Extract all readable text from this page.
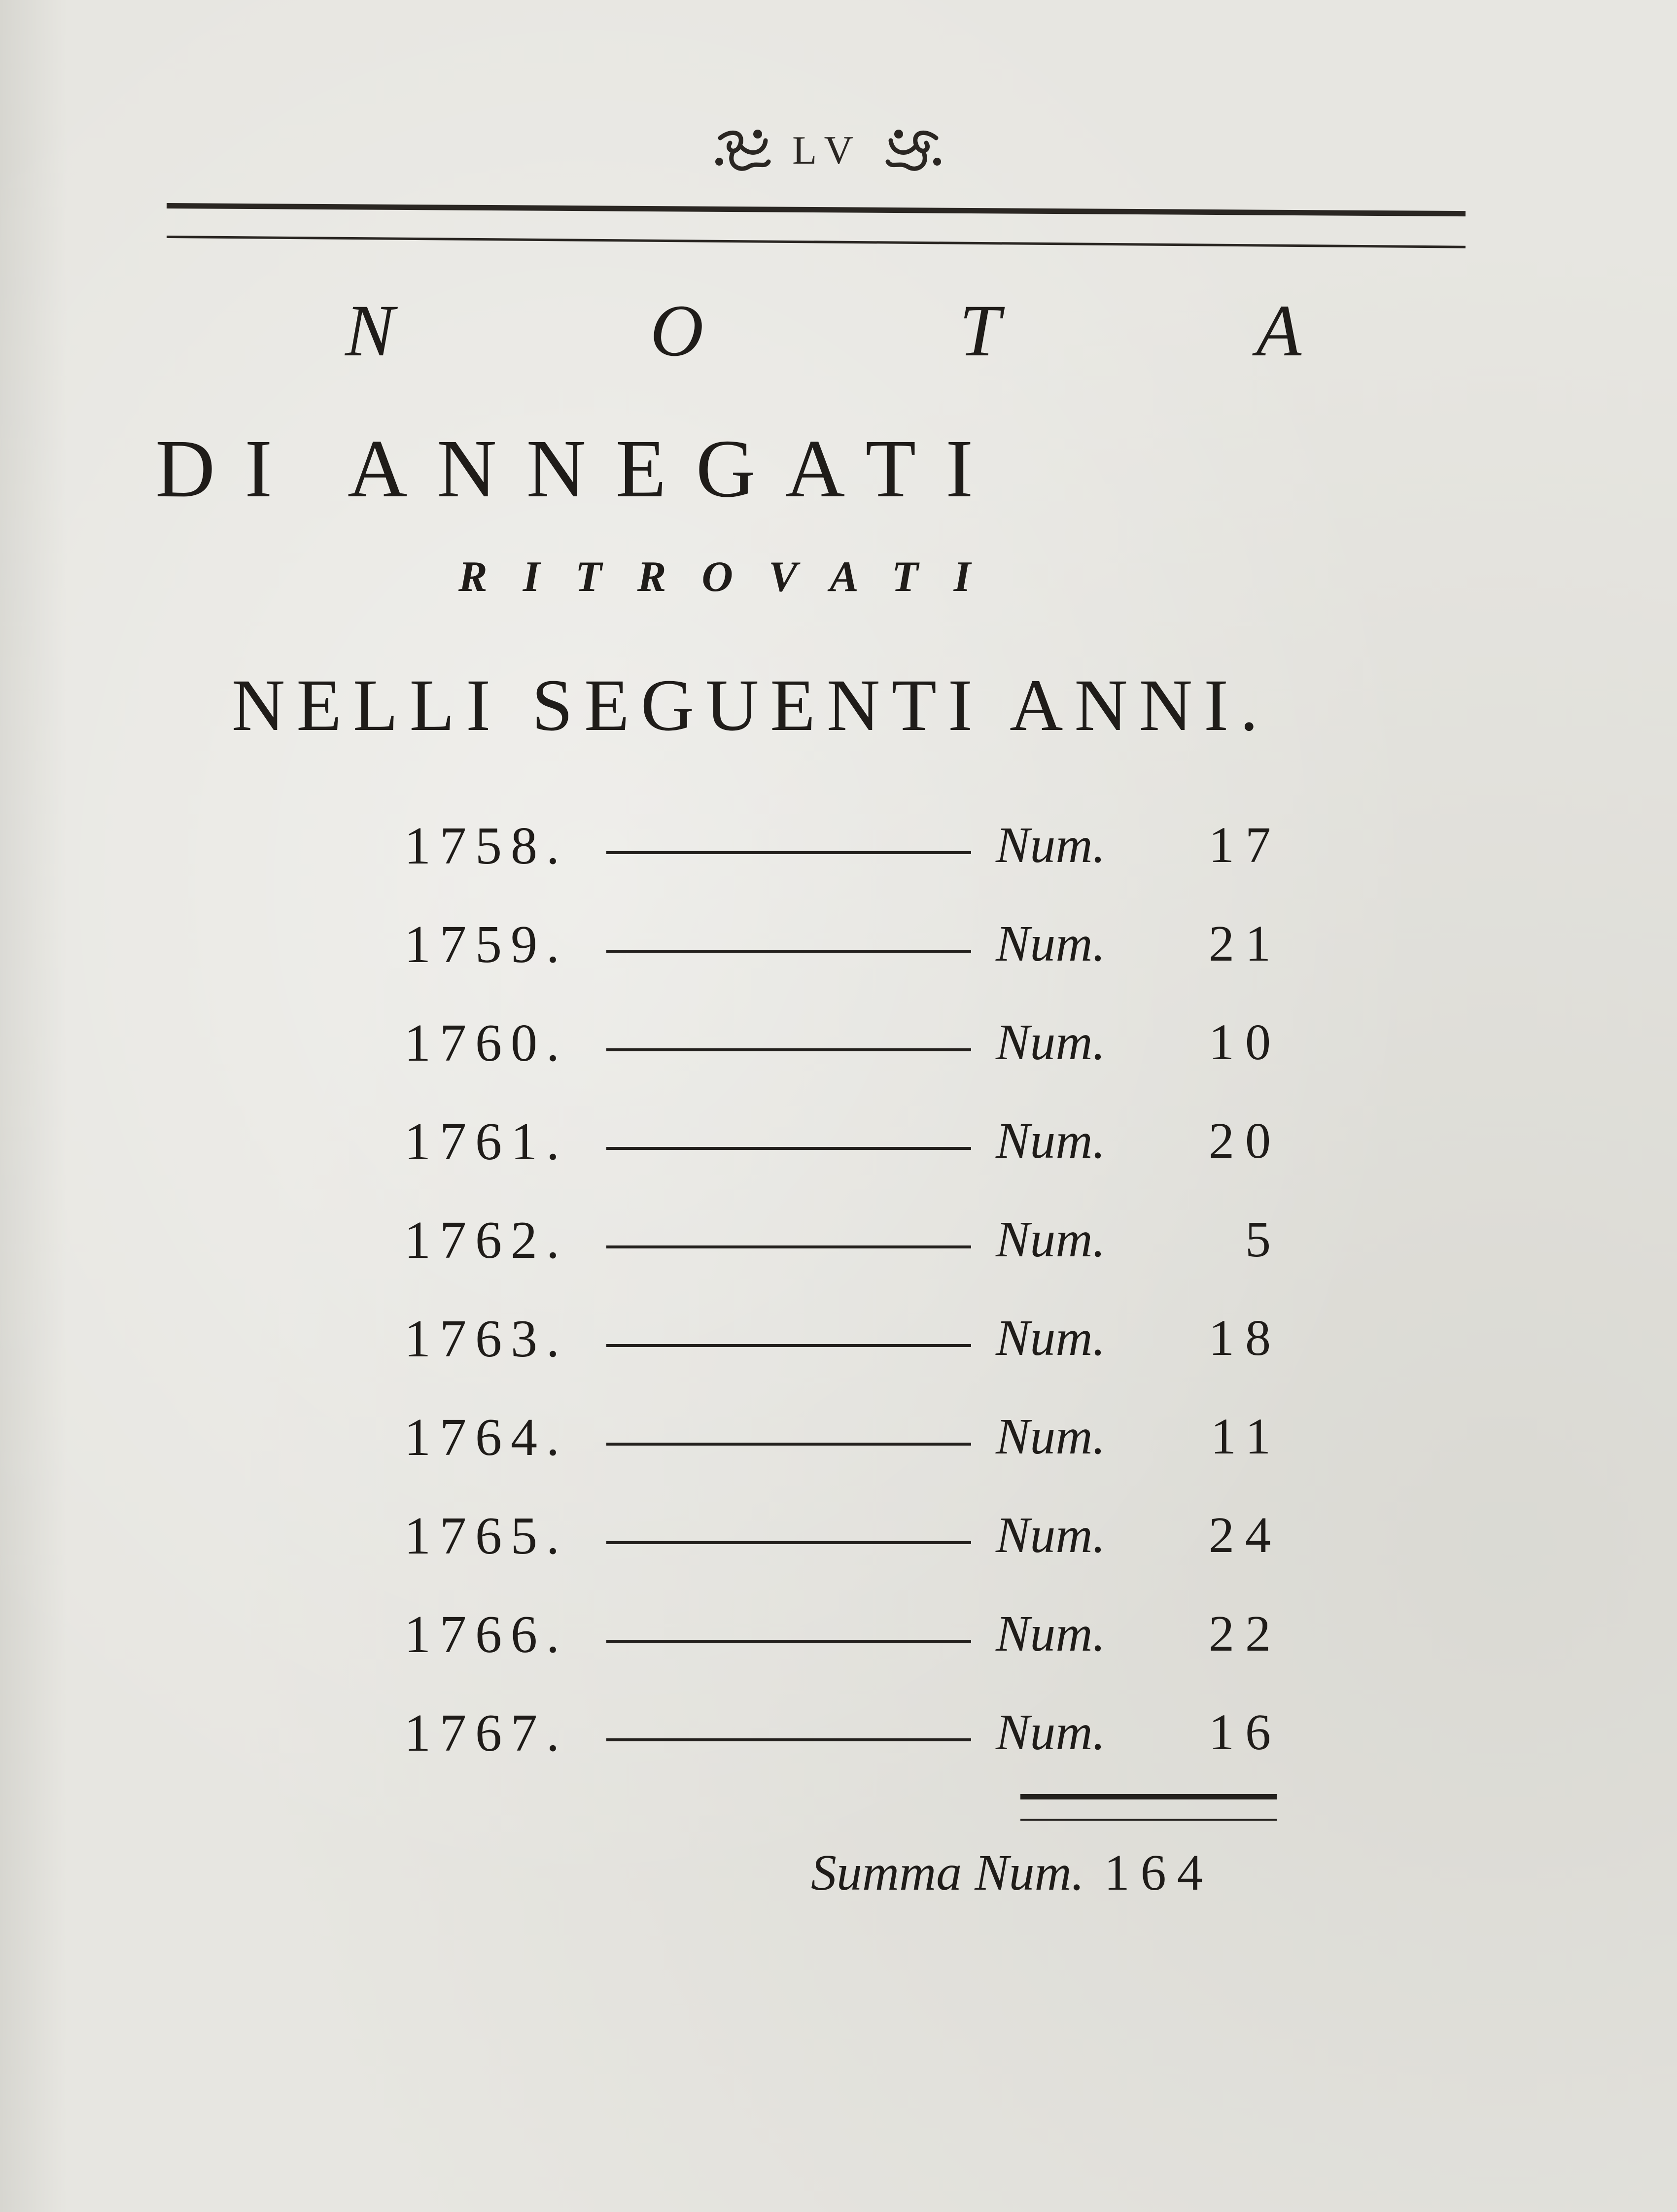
LV
N	O	T	A
DI ANNEGATI
RITROVATI
NELLI SEGUENTI ANNI.
1758.	Num.	17
1759.	Num.	21
1760.	Num.	10
1761.	Num.	20
1762.	Num.	5
1763.	Num.	18
1764.	Num.	11
1765.	Num.	24
1766.	Num.	22
1767.	Num.	16
Summa Num. 164
